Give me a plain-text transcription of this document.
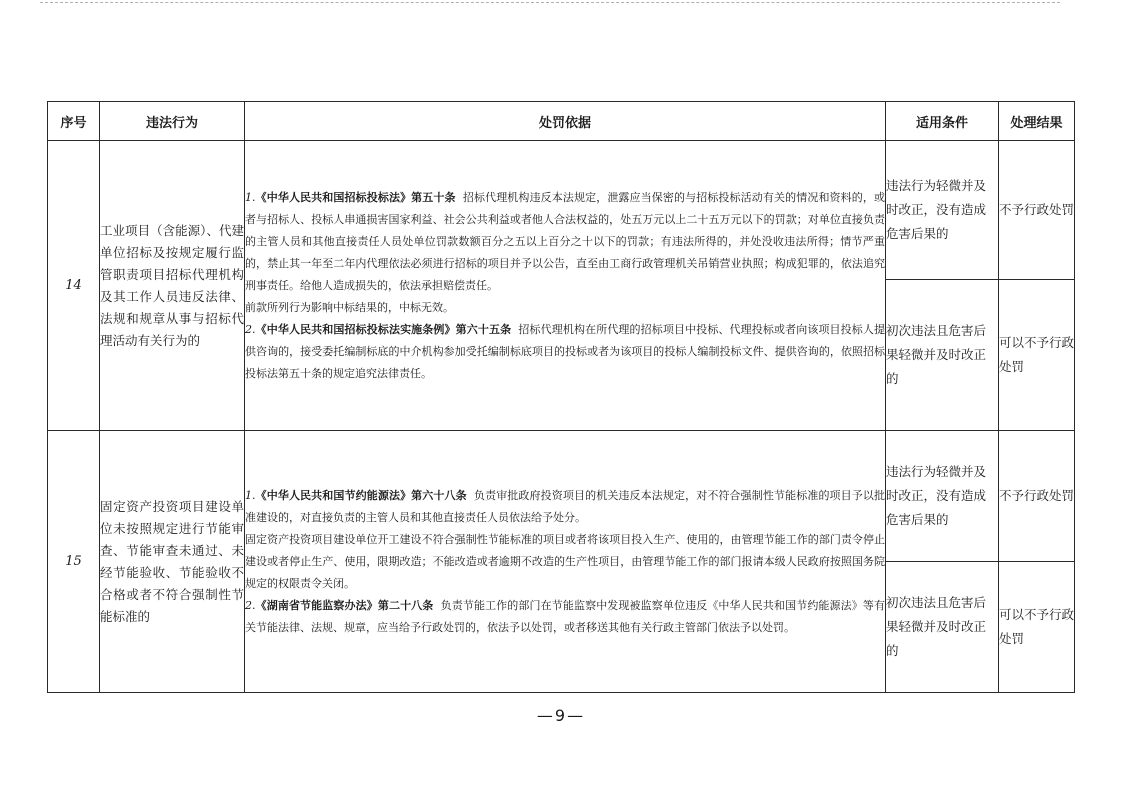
序号	违法行为	处罚依据	适用条件	处理结果
14	工业项目（含能源）、代建单位招标及按规定履行监管职责项目招标代理机构及其工作人员违反法律、法规和规章从事与招标代理活动有关行为的	1.《中华人民共和国招标投标法》第五十条 招标代理机构违反本法规定，泄露应当保密的与招标投标活动有关的情况和资料的，或者与招标人、投标人串通损害国家利益、社会公共利益或者他人合法权益的，处五万元以上二十五万元以下的罚款；对单位直接负责的主管人员和其他直接责任人员处单位罚款数额百分之五以上百分之十以下的罚款；有违法所得的，并处没收违法所得；情节严重的，禁止其一年至二年内代理依法必须进行招标的项目并予以公告，直至由工商行政管理机关吊销营业执照；构成犯罪的，依法追究刑事责任。给他人造成损失的，依法承担赔偿责任。

前款所列行为影响中标结果的，中标无效。

2.《中华人民共和国招标投标法实施条例》第六十五条 招标代理机构在所代理的招标项目中投标、代理投标或者向该项目投标人提供咨询的，接受委托编制标底的中介机构参加受托编制标底项目的投标或者为该项目的投标人编制投标文件、提供咨询的，依照招标投标法第五十条的规定追究法律责任。	违法行为轻微并及时改正，没有造成危害后果的	不予行政处罚
			初次违法且危害后果轻微并及时改正的	可以不予行政处罚
15	固定资产投资项目建设单位未按照规定进行节能审查、节能审查未通过、未经节能验收、节能验收不合格或者不符合强制性节能标准的	1.《中华人民共和国节约能源法》第六十八条 负责审批政府投资项目的机关违反本法规定，对不符合强制性节能标准的项目予以批准建设的，对直接负责的主管人员和其他直接责任人员依法给予处分。

固定资产投资项目建设单位开工建设不符合强制性节能标准的项目或者将该项目投入生产、使用的，由管理节能工作的部门责令停止建设或者停止生产、使用，限期改造；不能改造或者逾期不改造的生产性项目，由管理节能工作的部门报请本级人民政府按照国务院规定的权限责令关闭。

2.《湖南省节能监察办法》第二十八条 负责节能工作的部门在节能监察中发现被监察单位违反《中华人民共和国节约能源法》等有关节能法律、法规、规章，应当给予行政处罚的，依法予以处罚，或者移送其他有关行政主管部门依法予以处罚。	违法行为轻微并及时改正，没有造成危害后果的	不予行政处罚
			初次违法且危害后果轻微并及时改正的	可以不予行政处罚
—9—
